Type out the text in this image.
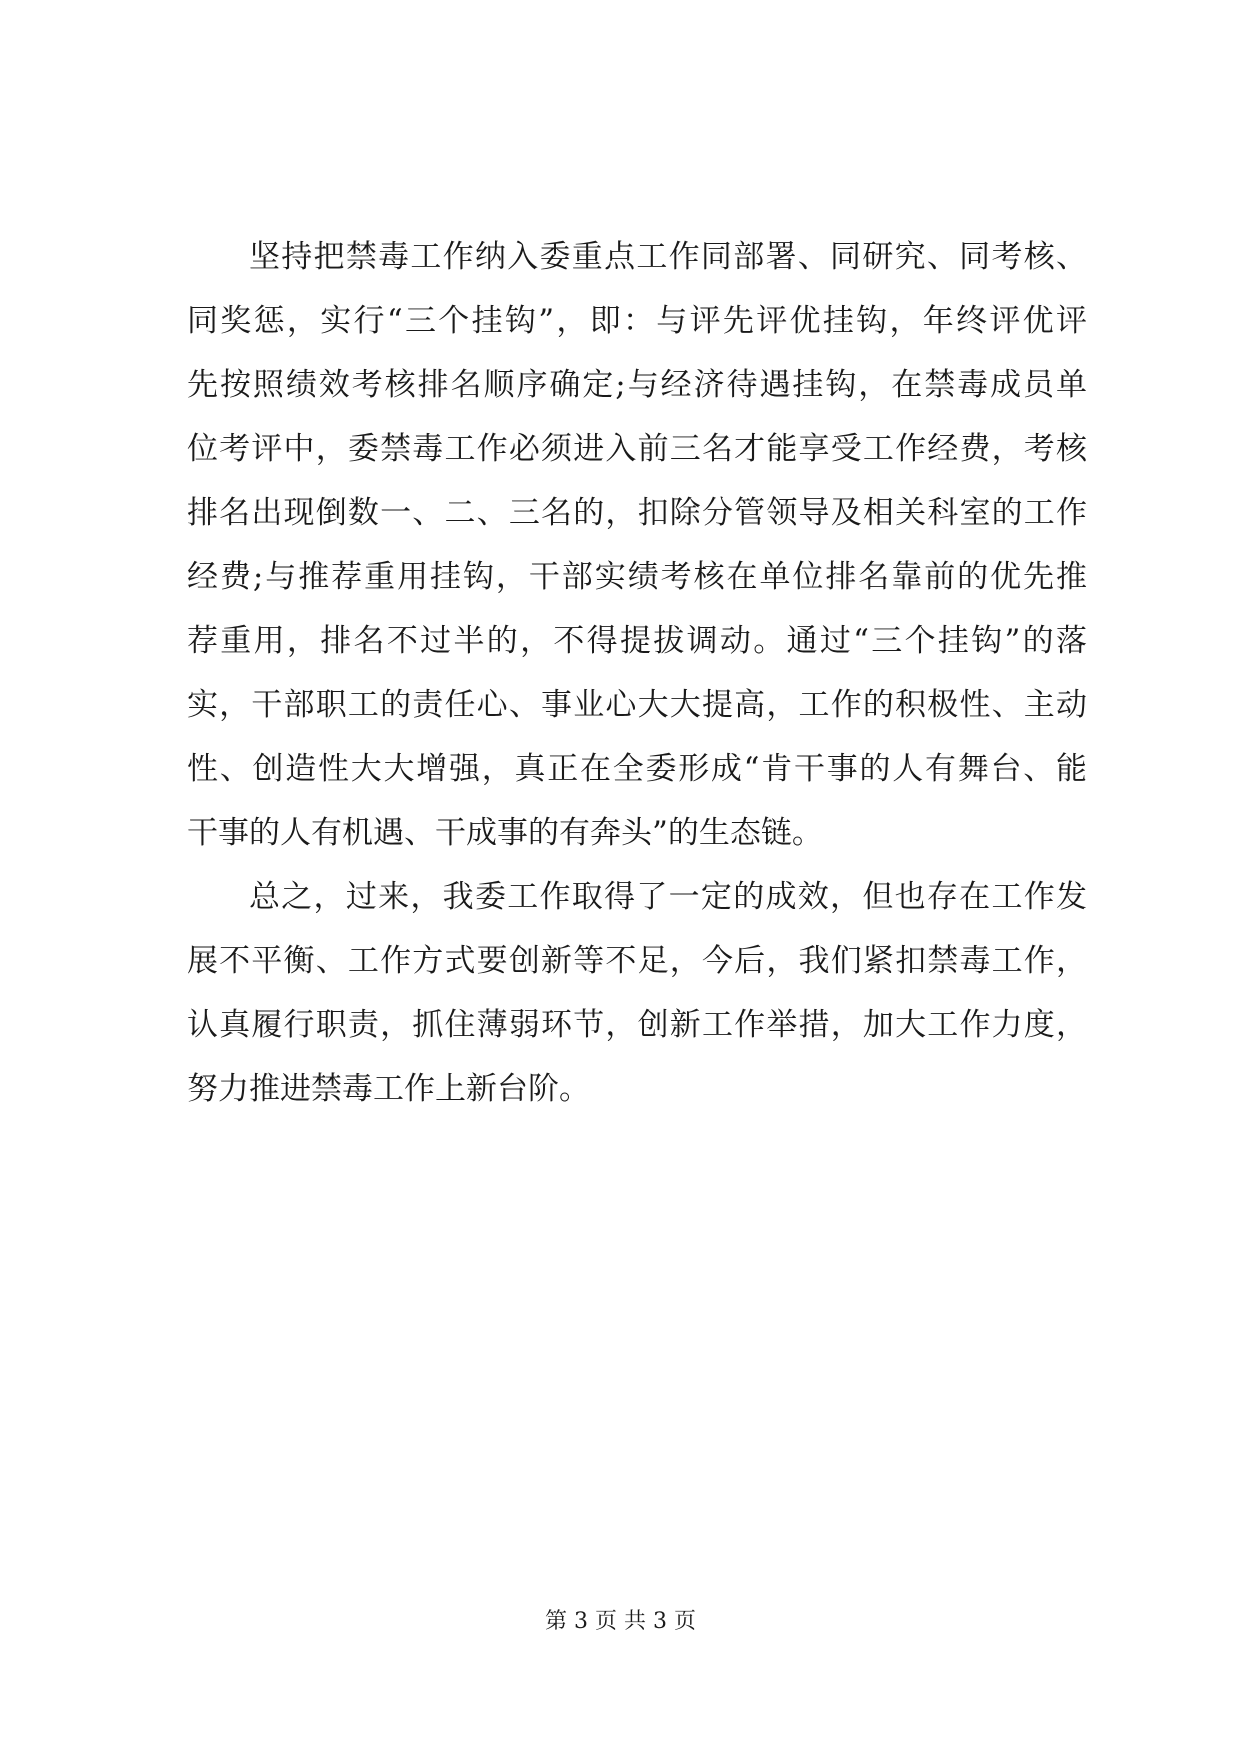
坚持把禁毒工作纳入委重点工作同部署、同研究、同考核、
同奖惩，实行“三个挂钩”，即：与评先评优挂钩，年终评优评
先按照绩效考核排名顺序确定;与经济待遇挂钩，在禁毒成员单
位考评中，委禁毒工作必须进入前三名才能享受工作经费，考核
排名出现倒数一、二、三名的，扣除分管领导及相关科室的工作
经费;与推荐重用挂钩，干部实绩考核在单位排名靠前的优先推
荐重用，排名不过半的，不得提拔调动。通过“三个挂钩”的落
实，干部职工的责任心、事业心大大提高，工作的积极性、主动
性、创造性大大增强，真正在全委形成“肯干事的人有舞台、能
干事的人有机遇、干成事的有奔头”的生态链。
总之，过来，我委工作取得了一定的成效，但也存在工作发
展不平衡、工作方式要创新等不足，今后，我们紧扣禁毒工作，
认真履行职责，抓住薄弱环节，创新工作举措，加大工作力度，
努力推进禁毒工作上新台阶。
第 3 页 共 3 页
